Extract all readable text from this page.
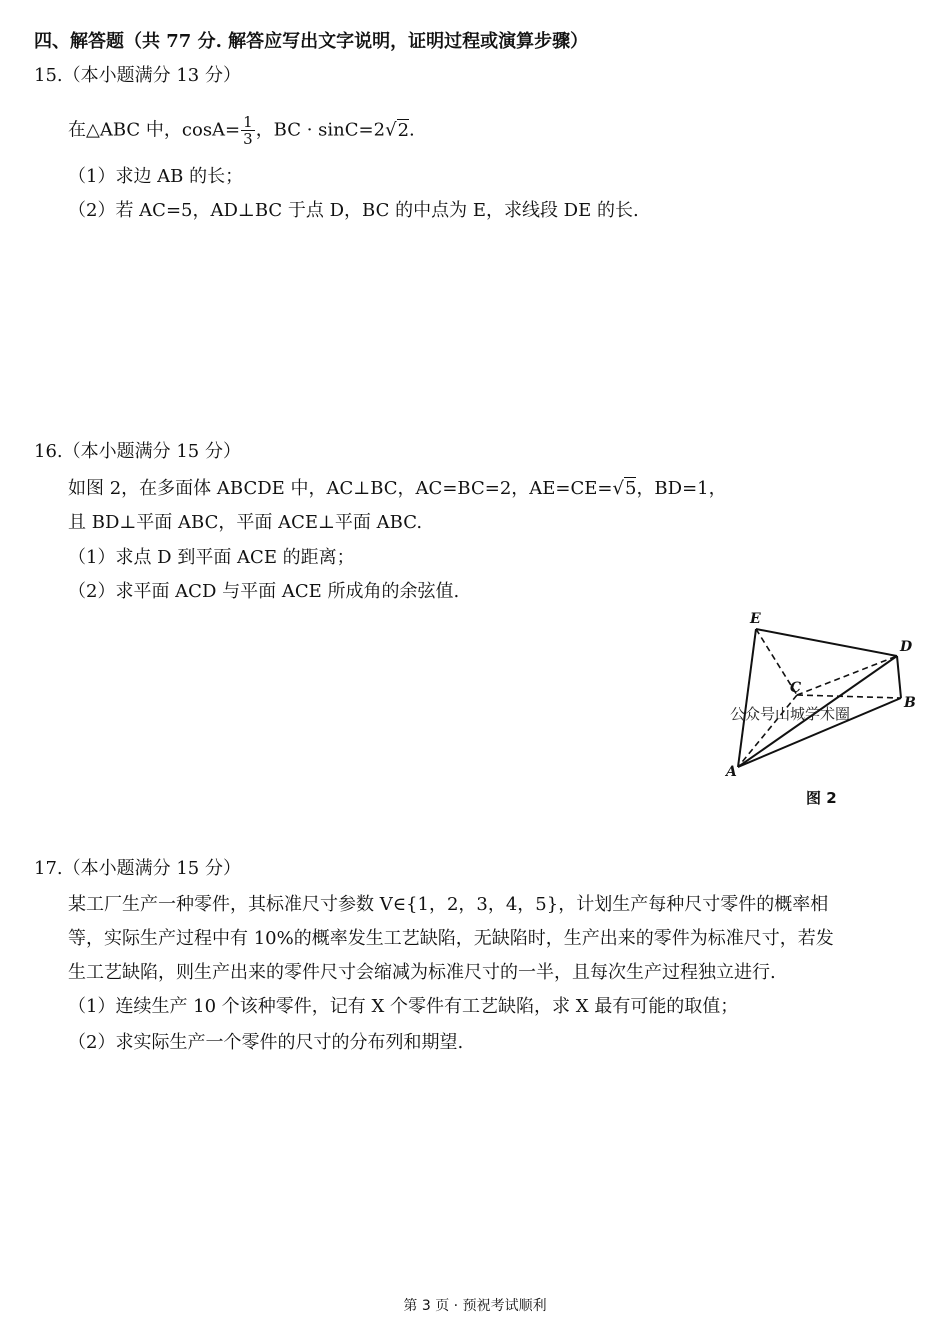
四、解答题（共 77 分. 解答应写出文字说明，证明过程或演算步骤）
15.（本小题满分 13 分）
在△ABC 中，$\cos A= \frac{1}{3}$ ，BC · sinC=2√2.
（1）求边 AB 的长；
（2）若 AC=5，AD⊥BC 于点 D，BC 的中点为 E，求线段 DE 的长.
16.（本小题满分 15 分）
如图 2，在多面体 ABCDE 中，AC⊥BC，AC=BC=2，AE=CE=√5，BD=1，
且 BD⊥平面 ABC，平面 ACE⊥平面 ABC.
（1）求点 D 到平面 ACE 的距离；
（2）求平面 ACD 与平面 ACE 所成角的余弦值.
E
D
C
B
A
公众号山城学术圈
图 2
17.（本小题满分 15 分）
某工厂生产一种零件，其标准尺寸参数 V∈{1，2，3，4，5}，计划生产每种尺寸零件的概率相
等，实际生产过程中有 10%的概率发生工艺缺陷，无缺陷时，生产出来的零件为标准尺寸，若发
生工艺缺陷，则生产出来的零件尺寸会缩减为标准尺寸的一半，且每次生产过程独立进行.
（1）连续生产 10 个该种零件，记有 X 个零件有工艺缺陷，求 X 最有可能的取值；
（2）求实际生产一个零件的尺寸的分布列和期望.
第 3 页 · 预祝考试顺利
